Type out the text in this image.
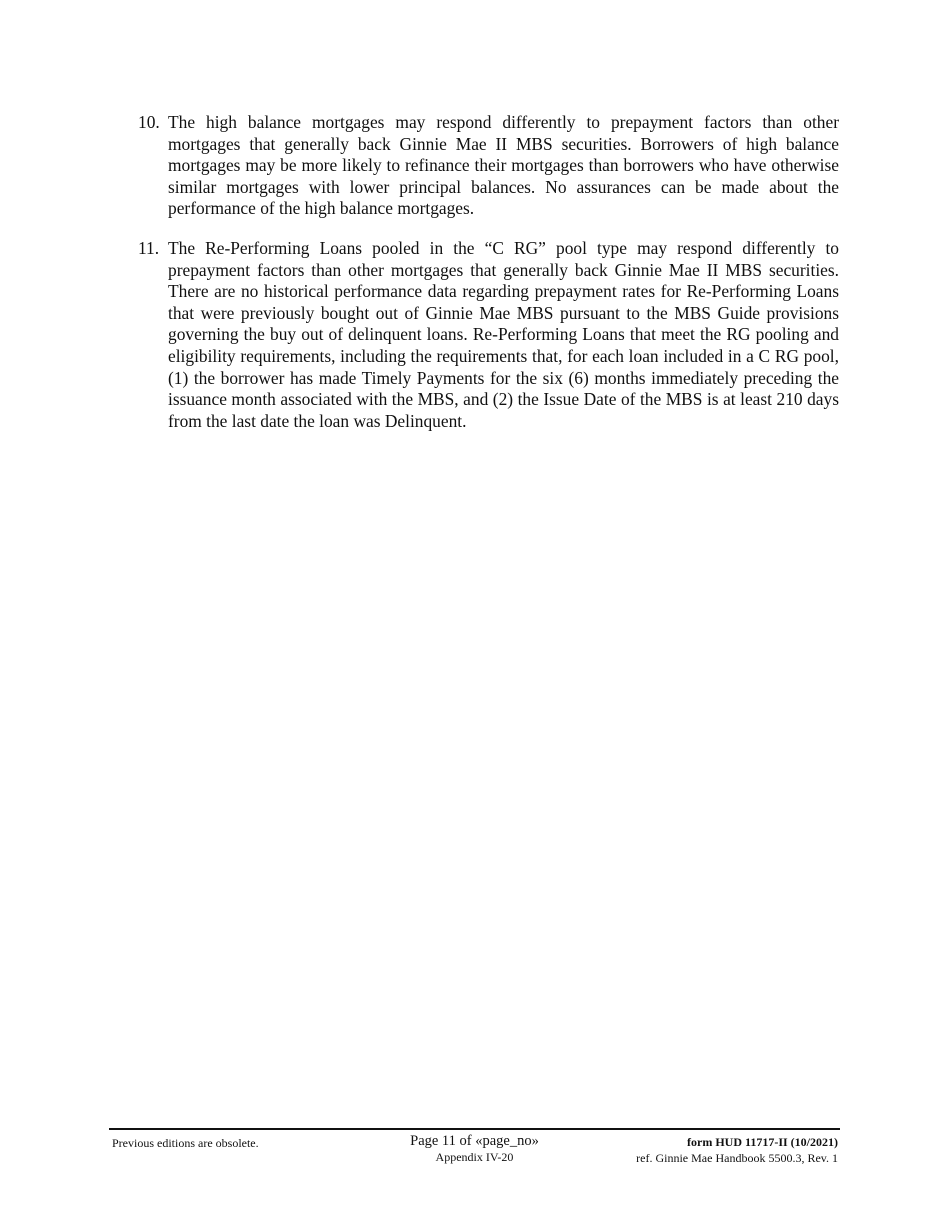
10. The high balance mortgages may respond differently to prepayment factors than other mortgages that generally back Ginnie Mae II MBS securities. Borrowers of high balance mortgages may be more likely to refinance their mortgages than borrowers who have otherwise similar mortgages with lower principal balances. No assurances can be made about the performance of the high balance mortgages.
11. The Re-Performing Loans pooled in the “C RG” pool type may respond differently to prepayment factors than other mortgages that generally back Ginnie Mae II MBS securities. There are no historical performance data regarding prepayment rates for Re-Performing Loans that were previously bought out of Ginnie Mae MBS pursuant to the MBS Guide provisions governing the buy out of delinquent loans. Re-Performing Loans that meet the RG pooling and eligibility requirements, including the requirements that, for each loan included in a C RG pool, (1) the borrower has made Timely Payments for the six (6) months immediately preceding the issuance month associated with the MBS, and (2) the Issue Date of the MBS is at least 210 days from the last date the loan was Delinquent.
Previous editions are obsolete.	Page 11 of «page_no»
Appendix IV-20
form HUD 11717-II (10/2021)
ref. Ginnie Mae Handbook 5500.3, Rev. 1
